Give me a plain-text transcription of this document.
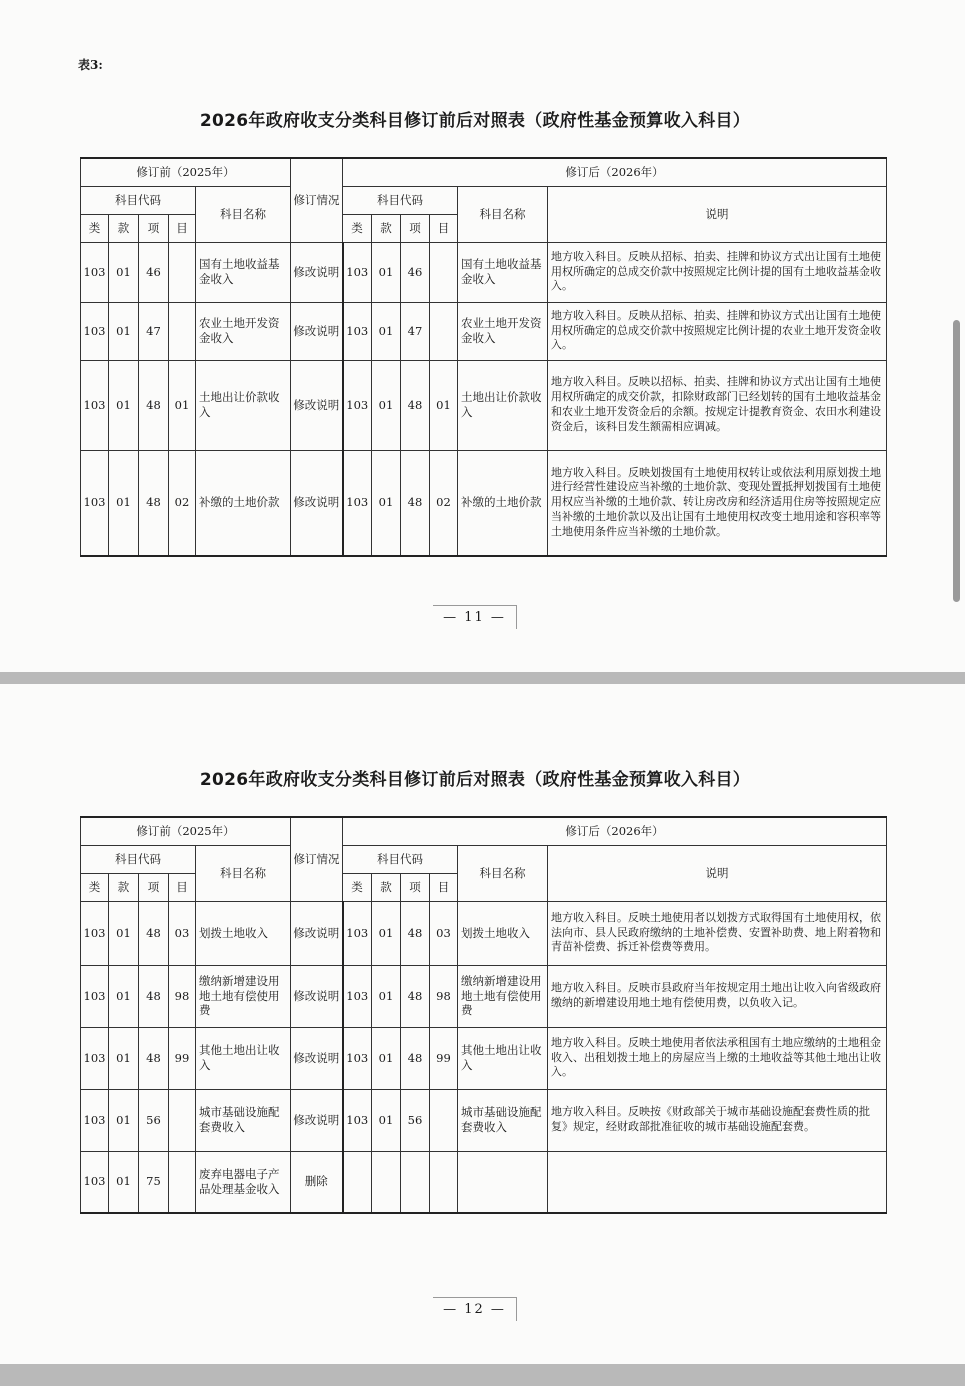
表3:
2026年政府收支分类科目修订前后对照表（政府性基金预算收入科目）
修订前（2025年）					修订情况	修订后（2026年）					
科目代码				科目名称		科目代码				科目名称	说明
类	款	项	目			类	款	项	目		
103	01	46		国有土地收益基金收入	修改说明	103	01	46		国有土地收益基金收入	地方收入科目。反映从招标、拍卖、挂牌和协议方式出让国有土地使用权所确定的总成交价款中按照规定比例计提的国有土地收益基金收入。
103	01	47		农业土地开发资金收入	修改说明	103	01	47		农业土地开发资金收入	地方收入科目。反映从招标、拍卖、挂牌和协议方式出让国有土地使用权所确定的总成交价款中按照规定比例计提的农业土地开发资金收入。
103	01	48	01	土地出让价款收入	修改说明	103	01	48	01	土地出让价款收入	地方收入科目。反映以招标、拍卖、挂牌和协议方式出让国有土地使用权所确定的成交价款，扣除财政部门已经划转的国有土地收益基金和农业土地开发资金后的余额。按规定计提教育资金、农田水利建设资金后，该科目发生额需相应调减。
103	01	48	02	补缴的土地价款	修改说明	103	01	48	02	补缴的土地价款	地方收入科目。反映划拨国有土地使用权转让或依法利用原划拨土地进行经营性建设应当补缴的土地价款、变现处置抵押划拨国有土地使用权应当补缴的土地价款、转让房改房和经济适用住房等按照规定应当补缴的土地价款以及出让国有土地使用权改变土地用途和容积率等土地使用条件应当补缴的土地价款。
— 11 —
2026年政府收支分类科目修订前后对照表（政府性基金预算收入科目）
修订前（2025年）					修订情况	修订后（2026年）					
科目代码				科目名称		科目代码				科目名称	说明
类	款	项	目			类	款	项	目		
103	01	48	03	划拨土地收入	修改说明	103	01	48	03	划拨土地收入	地方收入科目。反映土地使用者以划拨方式取得国有土地使用权，依法向市、县人民政府缴纳的土地补偿费、安置补助费、地上附着物和青苗补偿费、拆迁补偿费等费用。
103	01	48	98	缴纳新增建设用地土地有偿使用费	修改说明	103	01	48	98	缴纳新增建设用地土地有偿使用费	地方收入科目。反映市县政府当年按规定用土地出让收入向省级政府缴纳的新增建设用地土地有偿使用费，以负收入记。
103	01	48	99	其他土地出让收入	修改说明	103	01	48	99	其他土地出让收入	地方收入科目。反映土地使用者依法承租国有土地应缴纳的土地租金收入、出租划拨土地上的房屋应当上缴的土地收益等其他土地出让收入。
103	01	56		城市基础设施配套费收入	修改说明	103	01	56		城市基础设施配套费收入	地方收入科目。反映按《财政部关于城市基础设施配套费性质的批复》规定，经财政部批准征收的城市基础设施配套费。
103	01	75		废弃电器电子产品处理基金收入	删除						
— 12 —
